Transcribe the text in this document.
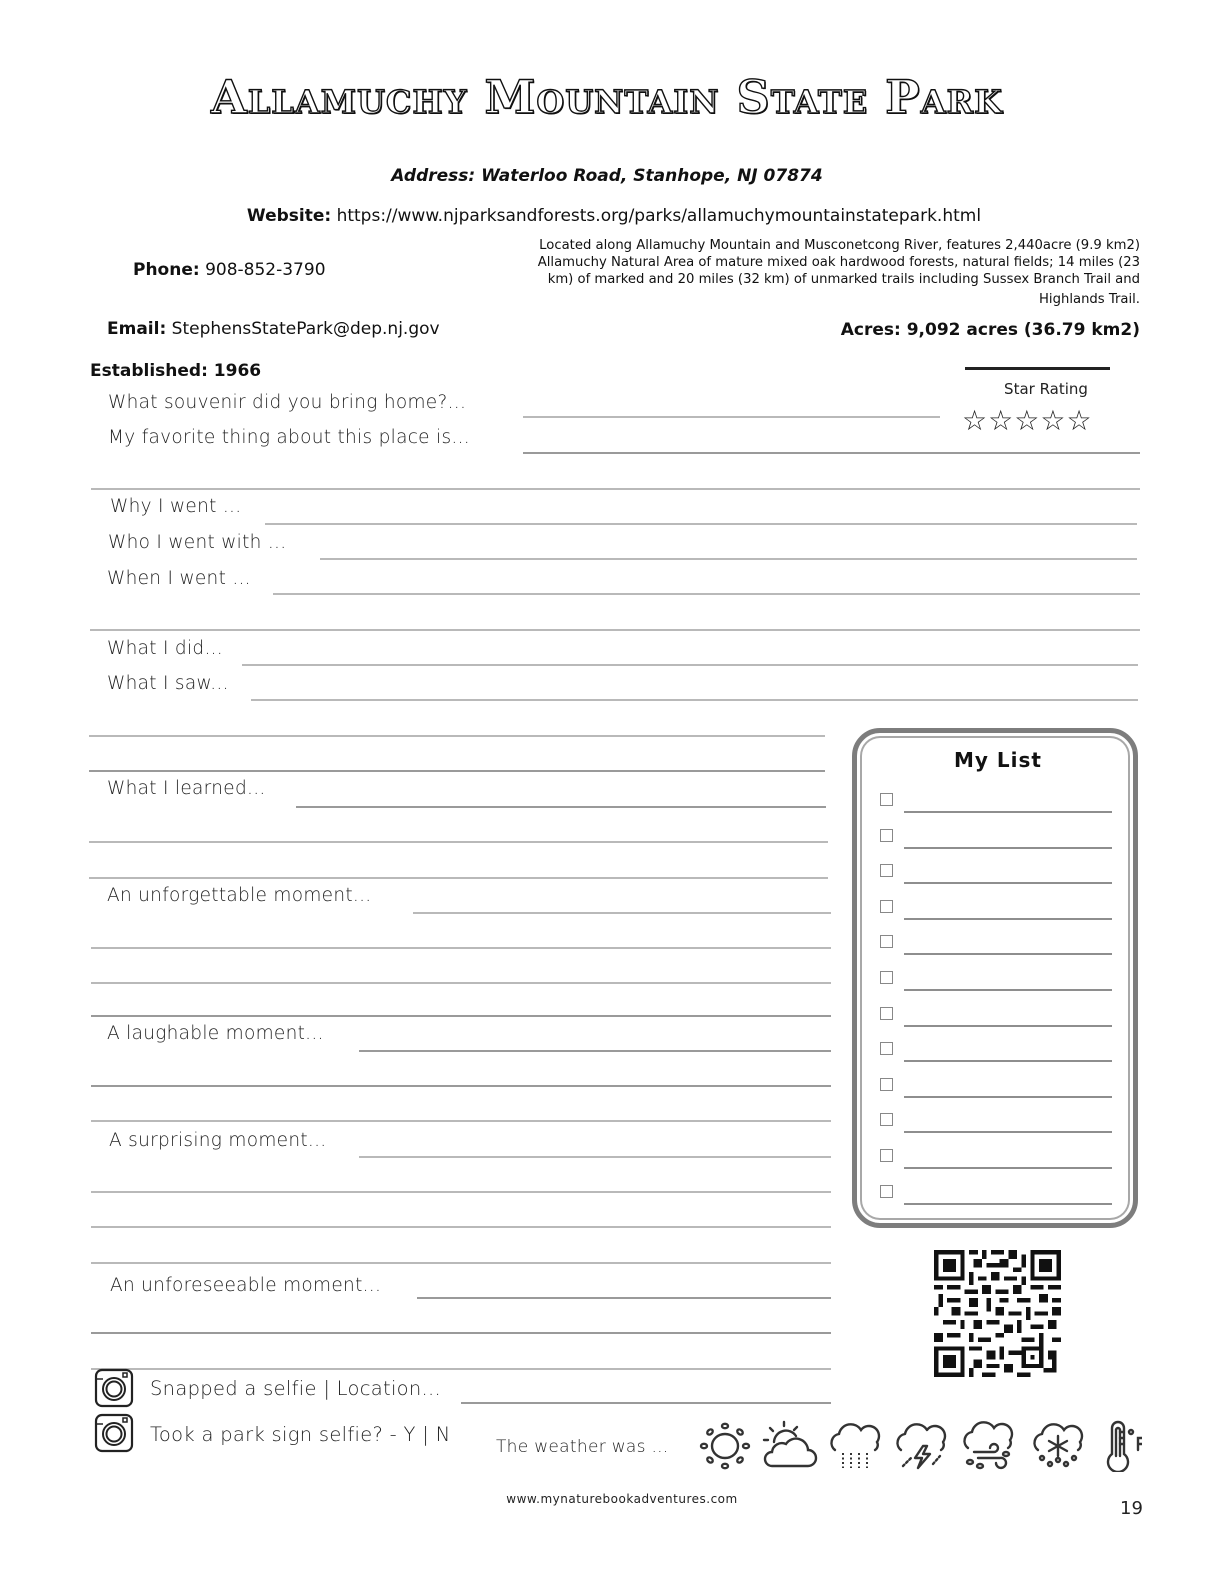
Allamuchy Mountain State Park
Address: Waterloo Road, Stanhope, NJ 07874
Website: https://www.njparksandforests.org/parks/allamuchymountainstatepark.html
Phone: 908-852-3790
Located along Allamuchy Mountain and Musconetcong River, features 2,440acre (9.9 km2)
Allamuchy Natural Area of mature mixed oak hardwood forests, natural fields; 14 miles (23
km) of marked and 20 miles (32 km) of unmarked trails including Sussex Branch Trail and
Highlands Trail.
Email: StephensStatePark@dep.nj.gov	Acres: 9,092 acres (36.79 km2)
Established: 1966
Star Rating
☆☆☆☆☆
What souvenir did you bring home?...
My favorite thing about this place is...
Why I went ...
Who I went with ...
When I went ...
What I did...
What I saw...
What I learned...
An unforgettable moment...
A laughable moment...
A surprising moment...
An unforeseeable moment...
My List
Snapped a selfie | Location...
Took a park sign selfie? - Y | N
The weather was ...
www.mynaturebookadventures.com	19
